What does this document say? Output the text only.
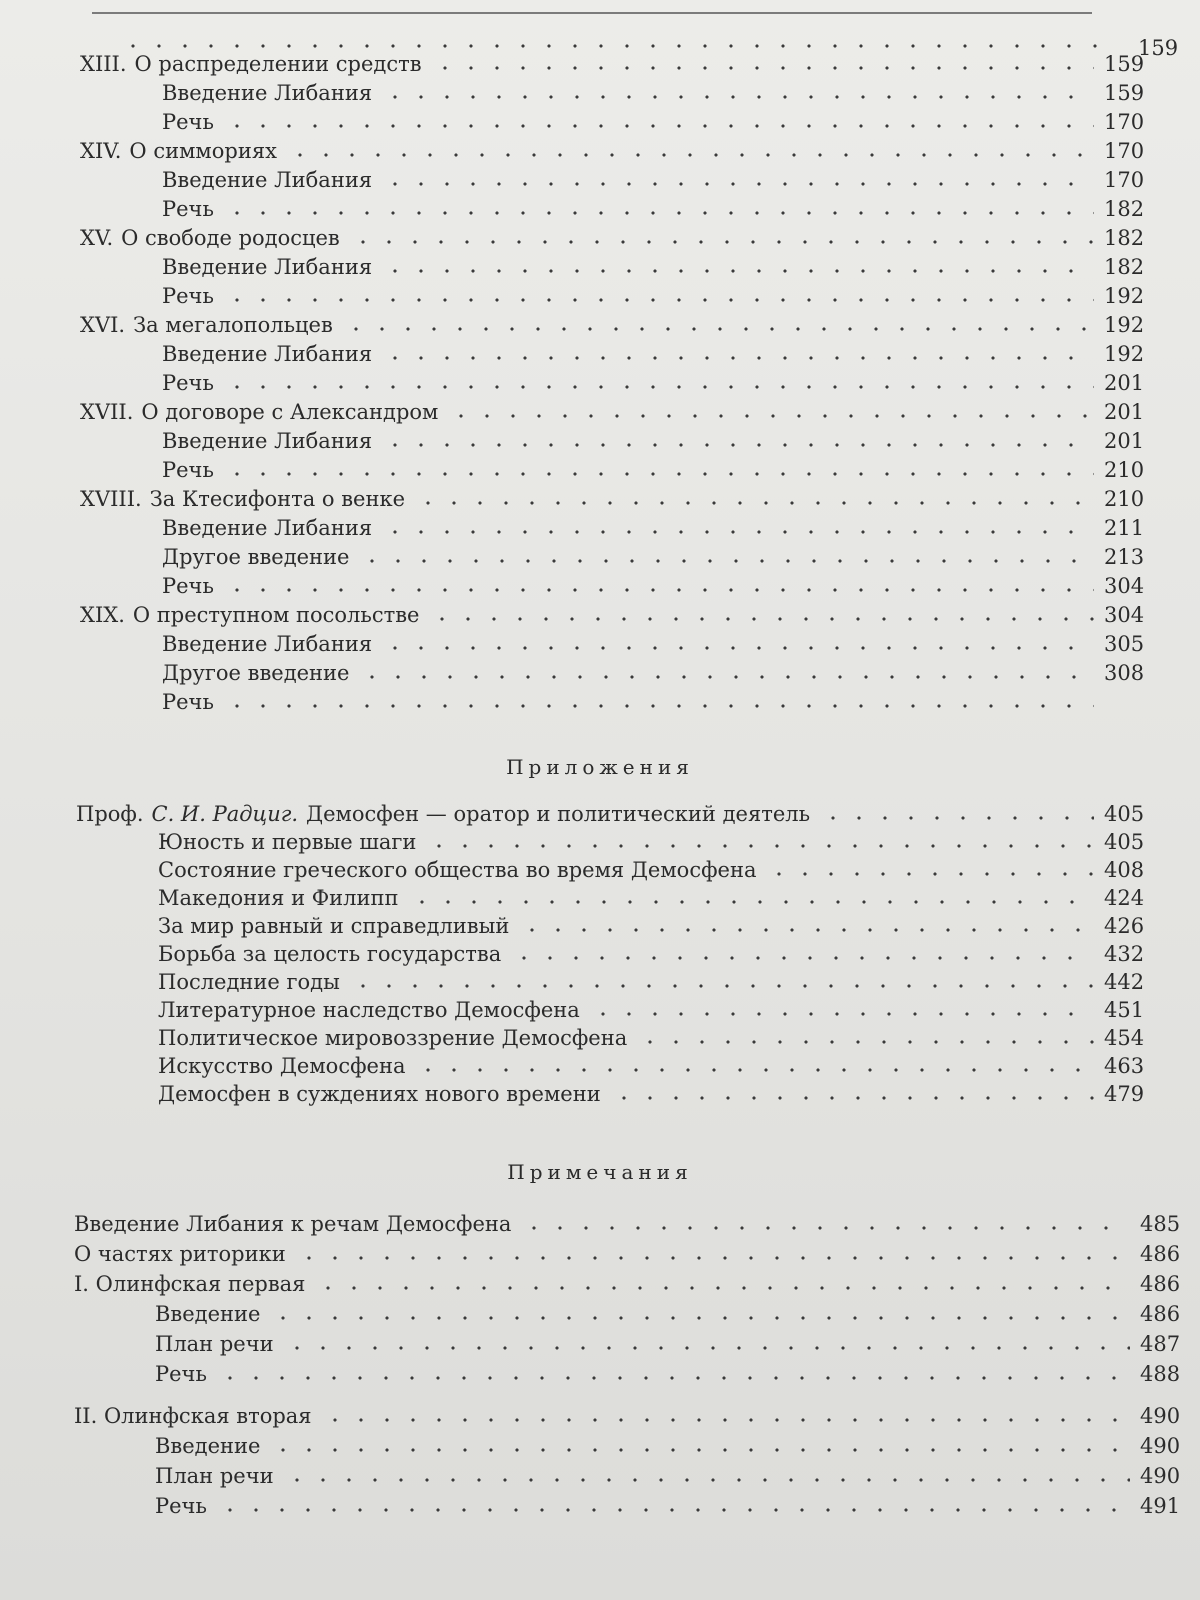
159
XIII. О распределении средств	159
Введение Либания	159
Речь	170
XIV. О симмориях	170
Введение Либания	170
Речь	182
XV. О свободе родосцев	182
Введение Либания	182
Речь	192
XVI. За мегалопольцев	192
Введение Либания	192
Речь	201
XVII. О договоре с Александром	201
Введение Либания	201
Речь	210
XVIII. За Ктесифонта о венке	210
Введение Либания	211
Другое введение	213
Речь	304
XIX. О преступном посольстве	304
Введение Либания	305
Другое введение	308
Речь
Проф. С. И. Радциг. Демосфен — оратор и политический деятель	405
Юность и первые шаги	405
Состояние греческого общества во время Демосфена	408
Македония и Филипп	424
За мир равный и справедливый	426
Борьба за целость государства	432
Последние годы	442
Литературное наследство Демосфена	451
Политическое мировоззрение Демосфена	454
Искусство Демосфена	463
Демосфен в суждениях нового времени	479
Введение Либания к речам Демосфена	485
О частях риторики	486
I. Олинфская первая	486
Введение	486
План речи	487
Речь	488
II. Олинфская вторая	490
Введение	490
План речи	490
Речь	491
Приложения
Примечания
